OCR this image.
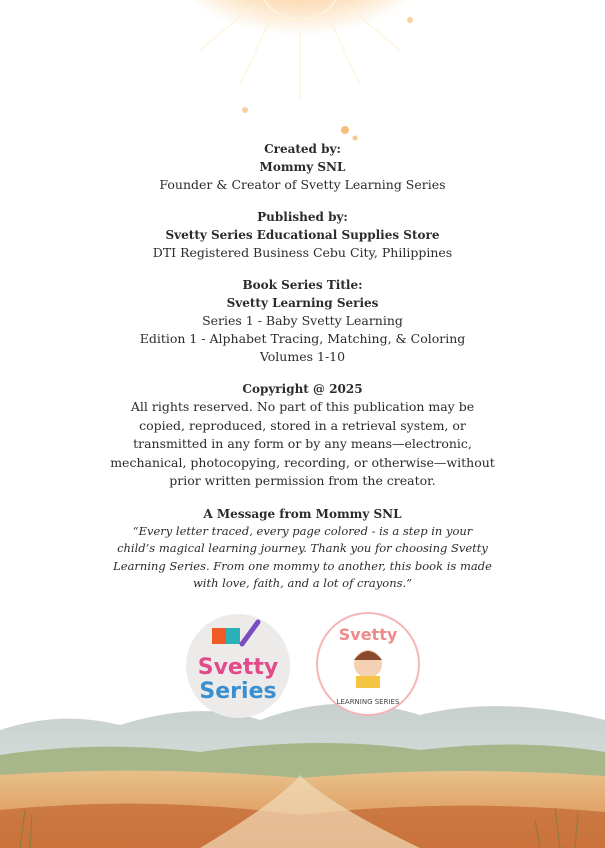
Created by:
Mommy SNL
Founder & Creator of Svetty Learning Series
Published by:
Svetty Series Educational Supplies Store
DTI Registered Business Cebu City, Philippines
Book Series Title:
Svetty Learning Series
Series 1 - Baby Svetty Learning
Edition 1 - Alphabet Tracing, Matching, & Coloring
Volumes 1-10
Copyright @ 2025
All rights reserved. No part of this publication may be copied, reproduced, stored in a retrieval system, or transmitted in any form or by any means—electronic, mechanical, photocopying, recording, or otherwise—without prior written permission from the creator.
A Message from Mommy SNL
“Every letter traced, every page colored - is a step in your child’s magical learning journey. Thank you for choosing Svetty Learning Series. From one mommy to another, this book is made with love, faith, and a lot of crayons.”
Svetty
Series
Svetty
LEARNING SERIES
